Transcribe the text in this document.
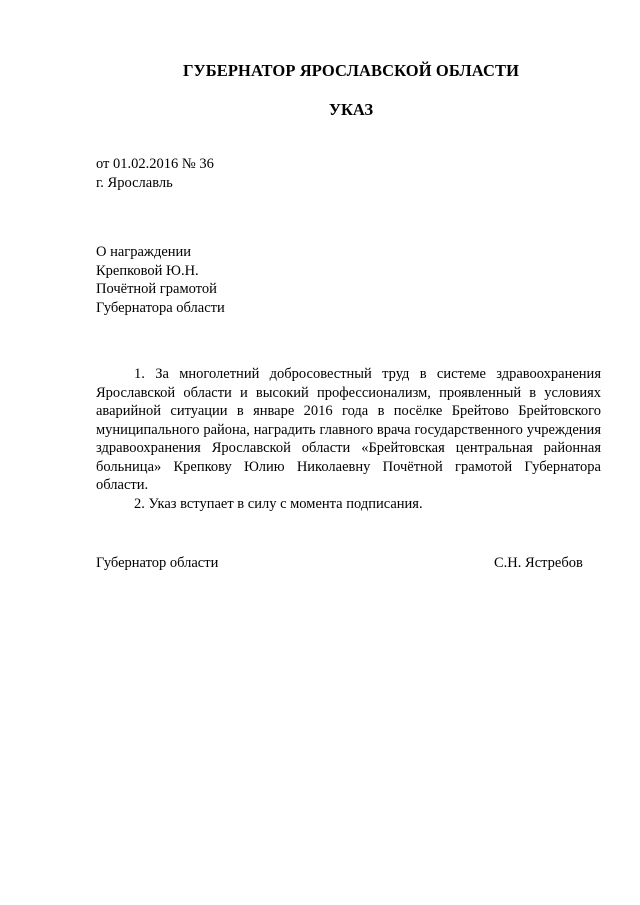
ГУБЕРНАТОР ЯРОСЛАВСКОЙ ОБЛАСТИ
УКАЗ
от 01.02.2016 № 36
г. Ярославль
О награждении
Крепковой Ю.Н.
Почётной грамотой
Губернатора области

1. За многолетний добросовестный труд в системе здравоохранения Ярославской области и высокий профессионализм, проявленный в условиях аварийной ситуации в январе 2016 года в посёлке Брейтово Брейтовского муниципального района, наградить главного врача государственного учреждения здравоохранения Ярославской области «Брейтовская центральная районная больница» Крепкову Юлию Николаевну Почётной грамотой Губернатора области.

2. Указ вступает в силу с момента подписания.

Губернатор области	С.Н. Ястребов
